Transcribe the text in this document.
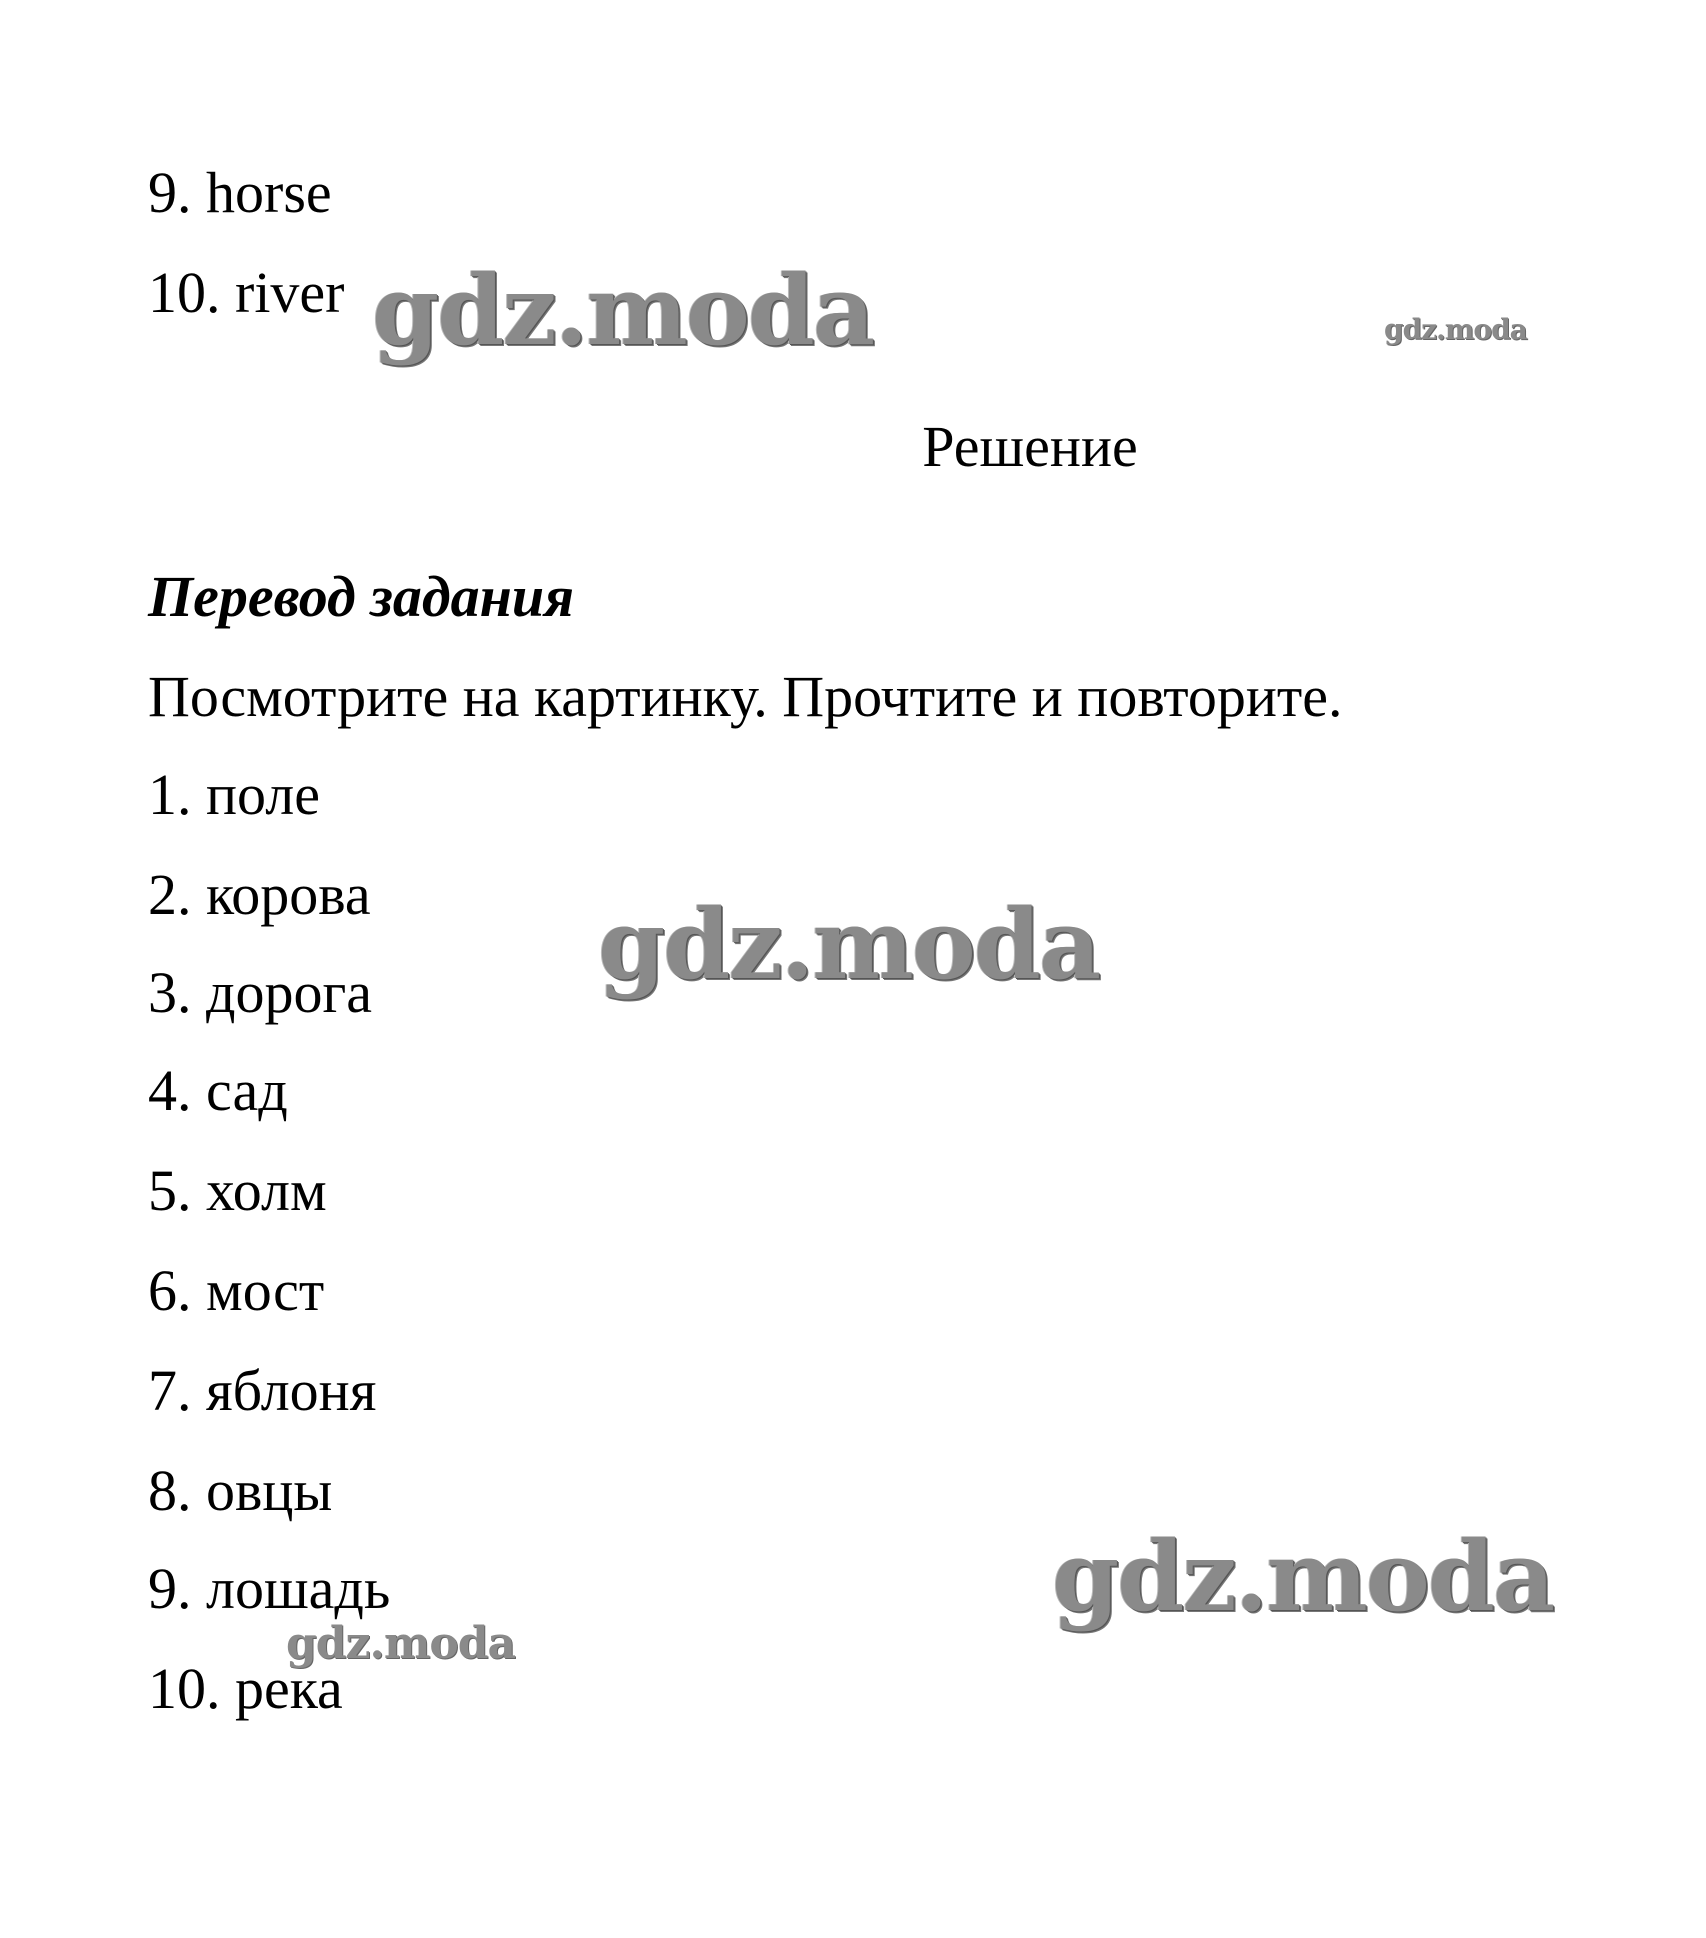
9. horse
10. river
Решение
Перевод задания
Посмотрите на картинку. Прочтите и повторите.
1. поле
2. корова
3. дорога
4. сад
5. холм
6. мост
7. яблоня
8. овцы
9. лошадь
10. река
gdz.moda	gdz.moda
gdz.moda
gdz.moda
gdz.moda
